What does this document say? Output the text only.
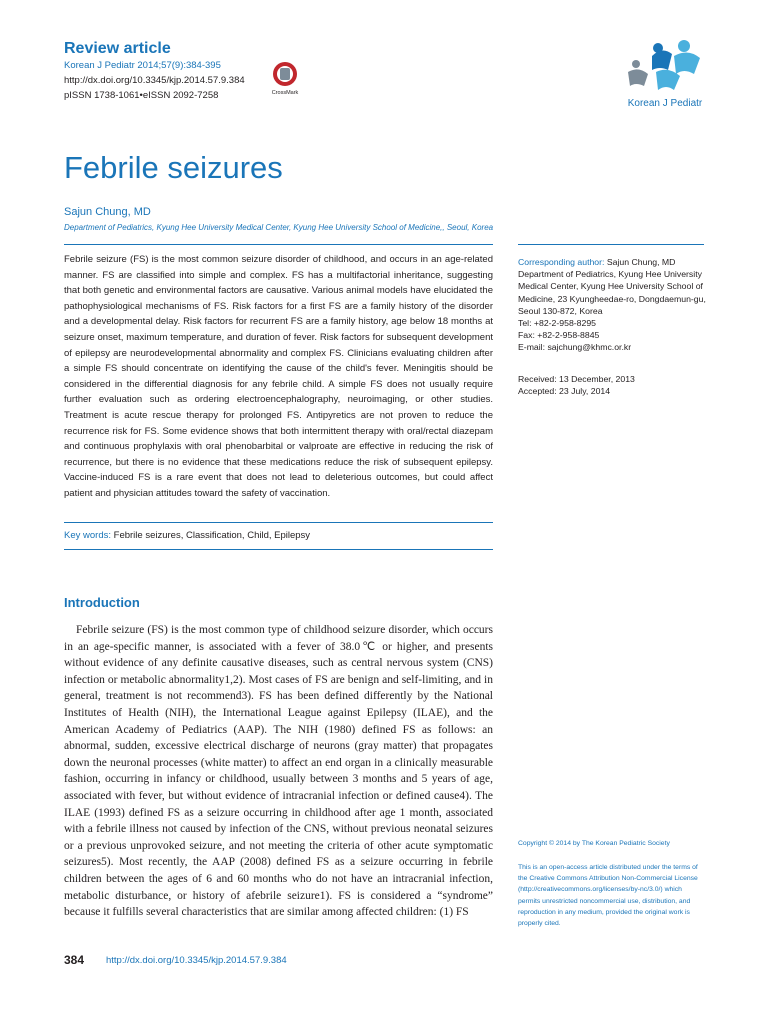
Review article
Korean J Pediatr 2014;57(9):384-395
http://dx.doi.org/10.3345/kjp.2014.57.9.384
pISSN 1738-1061•eISSN 2092-7258	CrossMark
Korean J Pediatr
Febrile seizures
Sajun Chung, MD
Department of Pediatrics, Kyung Hee University Medical Center, Kyung Hee University School of Medicine,, Seoul, Korea

Febrile seizure (FS) is the most common seizure disorder of childhood, and occurs in an age-related manner. FS are classified into simple and complex. FS has a multifactorial inheritance, suggesting that both genetic and environmental factors are causative. Various animal models have elucidated the pathophysiological mechanisms of FS. Risk factors for a first FS are a family history of the disorder and a developmental delay. Risk factors for recurrent FS are a family history, age below 18 months at seizure onset, maximum temperature, and duration of fever. Risk factors for subsequent development of epilepsy are neurodevelopmental abnormality and complex FS. Clinicians evaluating children after a simple FS should concentrate on identifying the cause of the child's fever. Meningitis should be considered in the differential diagnosis for any febrile child. A simple FS does not usually require further evaluation such as ordering electroencephalography, neuroimaging, or other studies. Treatment is acute rescue therapy for prolonged FS. Antipyretics are not proven to reduce the recurrence risk for FS. Some evidence shows that both intermittent therapy with oral/rectal diazepam and continuous prophylaxis with oral phenobarbital or valproate are effective in reducing the risk of recurrence, but there is no evidence that these medications reduce the risk of subsequent epilepsy. Vaccine-induced FS is a rare event that does not lead to deleterious outcomes, but could affect patient and physician attitudes toward the safety of vaccination.

Key words: Febrile seizures, Classification, Child, Epilepsy
Corresponding author: Sajun Chung, MD
Department of Pediatrics, Kyung Hee University Medical Center, Kyung Hee University School of Medicine, 23 Kyungheedae-ro, Dongdaemun-gu, Seoul 130-872, Korea
Tel: +82-2-958-8295
Fax: +82-2-958-8845
E-mail: sajchung@khmc.or.kr
Received: 13 December, 2013
Accepted: 23 July, 2014
Introduction

Febrile seizure (FS) is the most common type of childhood seizure disorder, which occurs in an age-specific manner, is associated with a fever of 38.0℃ or higher, and presents without evidence of any definite causative diseases, such as central nervous system (CNS) infection or metabolic abnormality1,2). Most cases of FS are benign and self-limiting, and in general, treatment is not recommend3). FS has been defined differently by the National Institutes of Health (NIH), the International League against Epilepsy (ILAE), and the American Academy of Pediatrics (AAP). The NIH (1980) defined FS as follows: an abnormal, sudden, excessive electrical discharge of neurons (gray matter) that propagates down the neuronal processes (white matter) to affect an end organ in a clinically measurable fashion, occurring in infancy or childhood, usually between 3 months and 5 years of age, associated with fever, but without evidence of intracranial infection or defined cause4). The ILAE (1993) defined FS as a seizure occurring in childhood after age 1 month, associated with a febrile illness not caused by infection of the CNS, without previous neonatal seizures or a previous unprovoked seizure, and not meeting the criteria of other acute symptomatic seizures5). Most recently, the AAP (2008) defined FS as a seizure occurring in febrile children between the ages of 6 and 60 months who do not have an intracranial infection, metabolic disturbance, or history of afebrile seizure1). FS is considered a “syndrome” because it fulfills several characteristics that are similar among affected children: (1) FS

Copyright © 2014 by The Korean Pediatric Society
This is an open-access article distributed under the terms of the Creative Commons Attribution Non-Commercial License (http://creativecommons.org/licenses/by-nc/3.0/) which permits unrestricted noncommercial use, distribution, and reproduction in any medium, provided the original work is properly cited.
384 http://dx.doi.org/10.3345/kjp.2014.57.9.384
